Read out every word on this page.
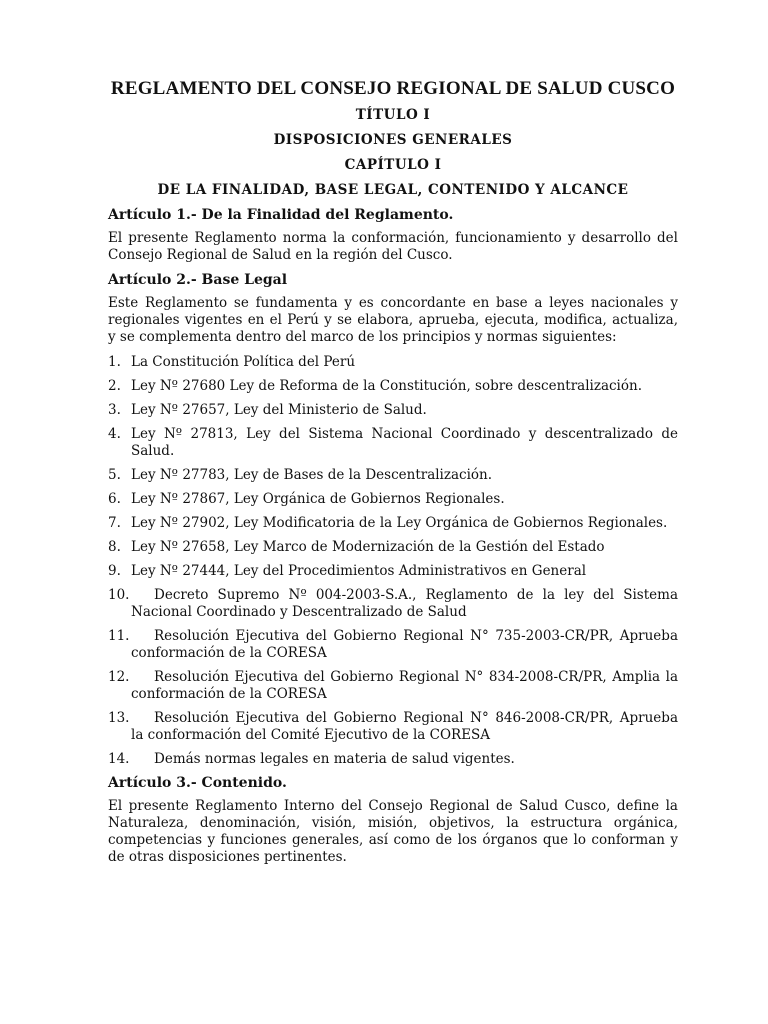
REGLAMENTO DEL CONSEJO REGIONAL DE SALUD CUSCO
TÍTULO I
DISPOSICIONES GENERALES
CAPÍTULO I
DE LA FINALIDAD, BASE LEGAL, CONTENIDO Y ALCANCE
Artículo 1.- De la Finalidad del Reglamento.
El presente Reglamento norma la conformación, funcionamiento y desarrollo del Consejo Regional de Salud en la región del Cusco.
Artículo 2.- Base Legal
Este Reglamento se fundamenta y es concordante en base a leyes nacionales y regionales vigentes en el Perú y se elabora, aprueba, ejecuta, modifica, actualiza, y se complementa dentro del marco de los principios y normas siguientes:
1. La Constitución Política del Perú
2. Ley Nº 27680 Ley de Reforma de la Constitución, sobre descentralización.
3. Ley Nº 27657, Ley del Ministerio de Salud.
4. Ley Nº 27813, Ley del Sistema Nacional Coordinado y descentralizado de Salud.
5. Ley Nº 27783, Ley de Bases de la Descentralización.
6. Ley Nº 27867, Ley Orgánica de Gobiernos Regionales.
7. Ley Nº 27902, Ley Modificatoria de la Ley Orgánica de Gobiernos Regionales.
8. Ley Nº 27658, Ley Marco de Modernización de la Gestión del Estado
9. Ley Nº 27444, Ley del Procedimientos Administrativos en General
10. Decreto Supremo Nº 004-2003-S.A., Reglamento de la ley del Sistema Nacional Coordinado y Descentralizado de Salud
11. Resolución Ejecutiva del Gobierno Regional N° 735-2003-CR/PR, Aprueba conformación de la CORESA
12. Resolución Ejecutiva del Gobierno Regional N° 834-2008-CR/PR, Amplia la conformación de la CORESA
13. Resolución Ejecutiva del Gobierno Regional N° 846-2008-CR/PR, Aprueba la conformación del Comité Ejecutivo de la CORESA
14. Demás normas legales en materia de salud vigentes.
Artículo 3.- Contenido.
El presente Reglamento Interno del Consejo Regional de Salud Cusco, define la Naturaleza, denominación, visión, misión, objetivos, la estructura orgánica, competencias y funciones generales, así como de los órganos que lo conforman y de otras disposiciones pertinentes.
